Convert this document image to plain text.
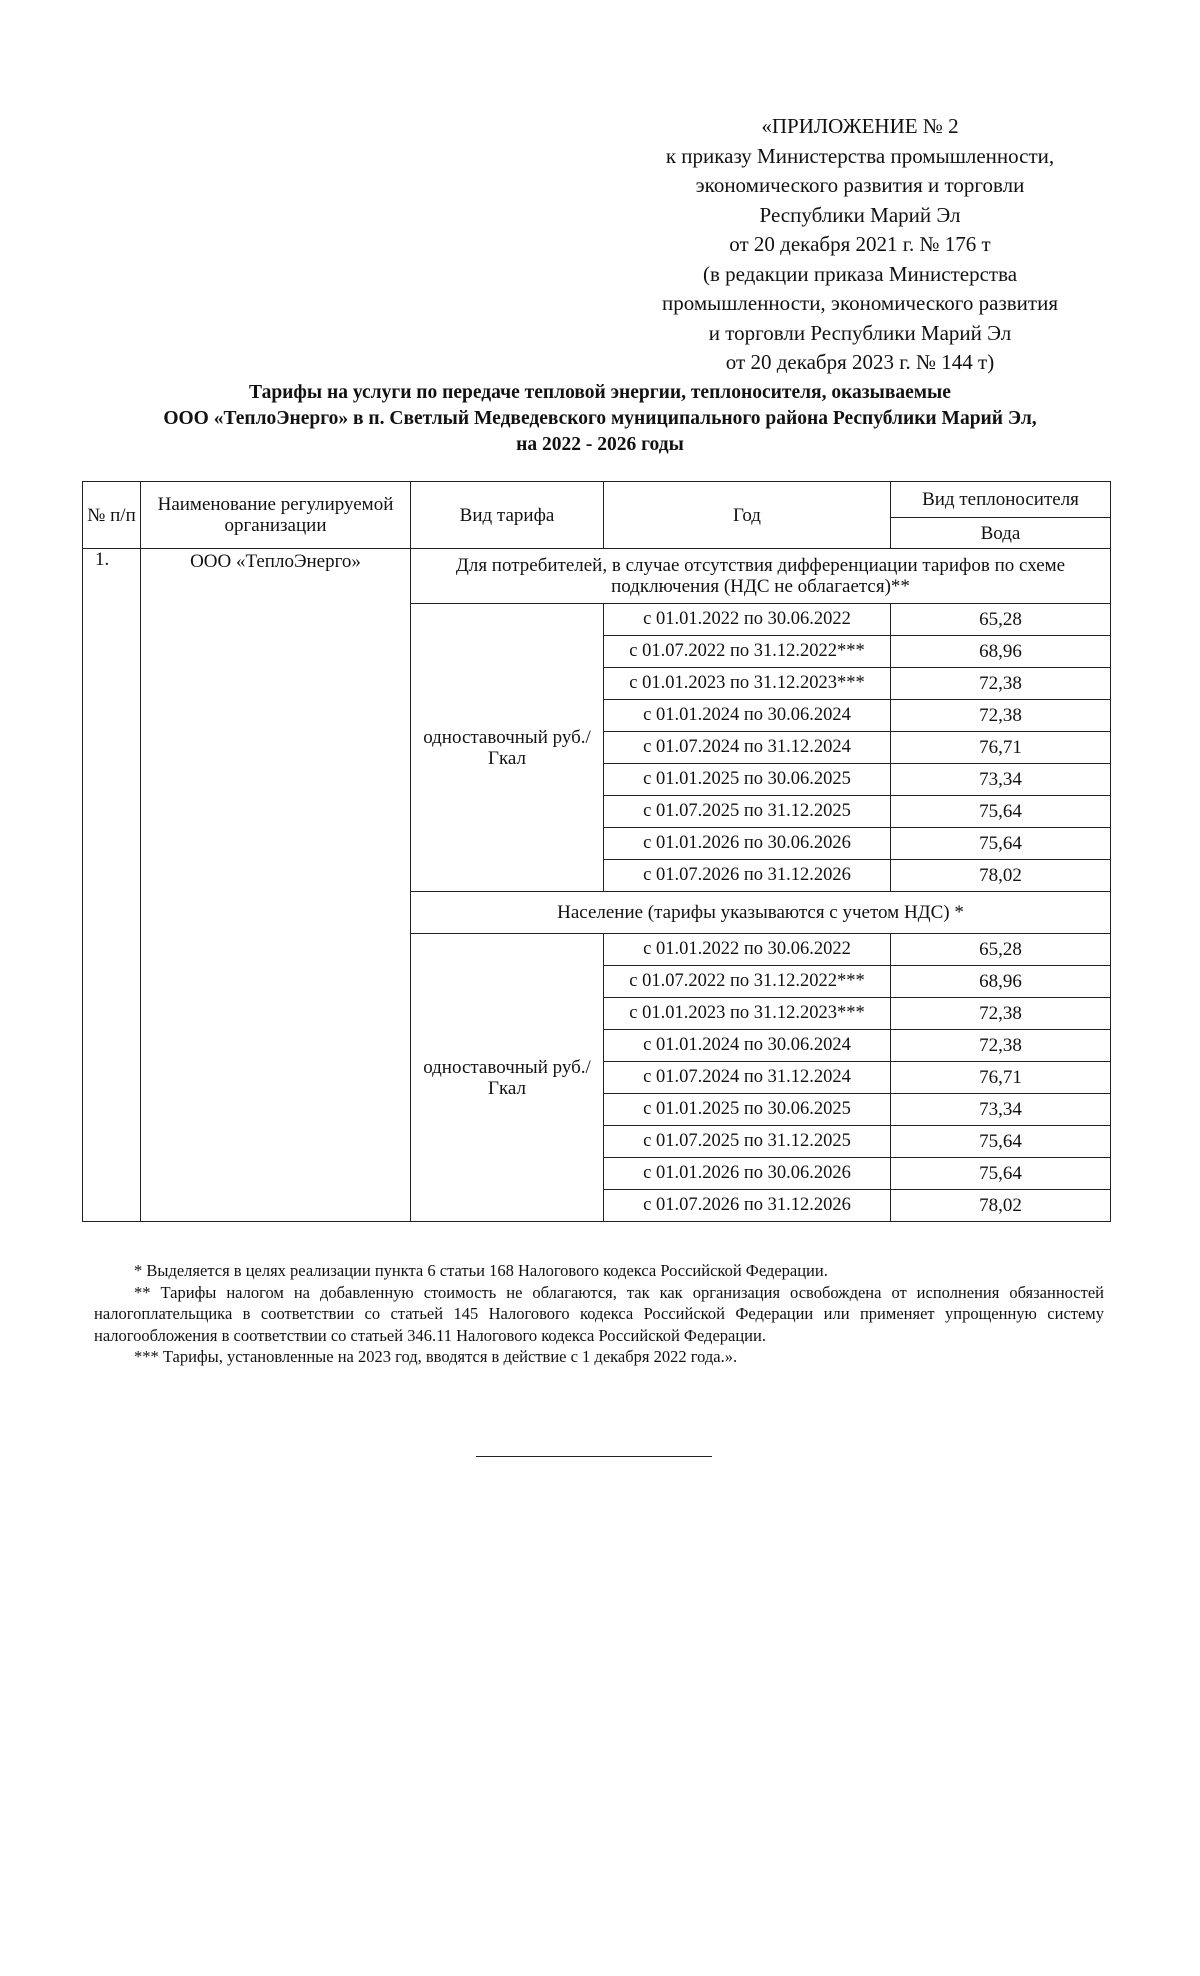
«ПРИЛОЖЕНИЕ № 2
к приказу Министерства промышленности,
экономического развития и торговли
Республики Марий Эл
от 20 декабря 2021 г. № 176 т
(в редакции приказа Министерства
промышленности, экономического развития
и торговли Республики Марий Эл
от 20 декабря 2023 г. № 144 т)
Тарифы на услуги по передаче тепловой энергии, теплоносителя, оказываемые
ООО «ТеплоЭнерго» в п. Светлый Медведевского муниципального района Республики Марий Эл,
на 2022 - 2026 годы
№ п/п	Наименование регулируемой организации	Вид тарифа	Год	Вид теплоносителя
				Вода
1.	ООО «ТеплоЭнерго»	Для потребителей, в случае отсутствия дифференциации тарифов по схеме подключения (НДС не облагается)**		
		одноставочный руб./Гкал	с 01.01.2022 по 30.06.2022	65,28
			с 01.07.2022 по 31.12.2022***	68,96
			с 01.01.2023 по 31.12.2023***	72,38
			с 01.01.2024 по 30.06.2024	72,38
			с 01.07.2024 по 31.12.2024	76,71
			с 01.01.2025 по 30.06.2025	73,34
			с 01.07.2025 по 31.12.2025	75,64
			с 01.01.2026 по 30.06.2026	75,64
			с 01.07.2026 по 31.12.2026	78,02
		Население (тарифы указываются с учетом НДС) *		
		одноставочный руб./Гкал	с 01.01.2022 по 30.06.2022	65,28
			с 01.07.2022 по 31.12.2022***	68,96
			с 01.01.2023 по 31.12.2023***	72,38
			с 01.01.2024 по 30.06.2024	72,38
			с 01.07.2024 по 31.12.2024	76,71
			с 01.01.2025 по 30.06.2025	73,34
			с 01.07.2025 по 31.12.2025	75,64
			с 01.01.2026 по 30.06.2026	75,64
			с 01.07.2026 по 31.12.2026	78,02

* Выделяется в целях реализации пункта 6 статьи 168 Налогового кодекса Российской Федерации.

** Тарифы налогом на добавленную стоимость не облагаются, так как организация освобождена от исполнения обязанностей налогоплательщика в соответствии со статьей 145 Налогового кодекса Российской Федерации или применяет упрощенную систему налогообложения в соответствии со статьей 346.11 Налогового кодекса Российской Федерации.

*** Тарифы, установленные на 2023 год, вводятся в действие с 1 декабря 2022 года.».
